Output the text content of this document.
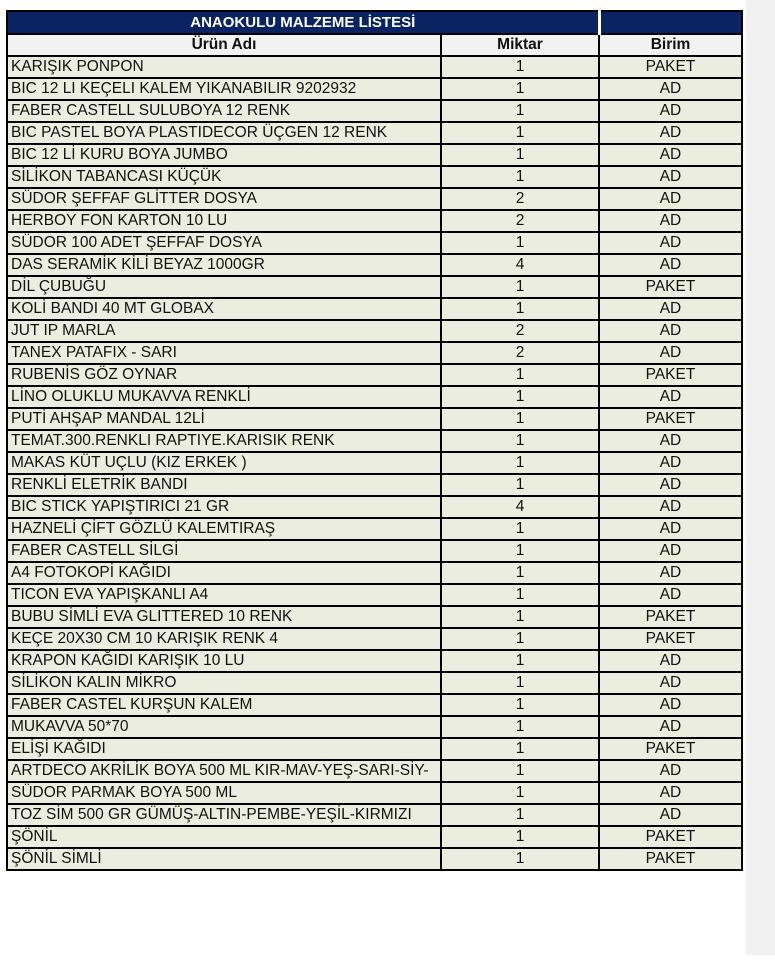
ANAOKULU MALZEME LİSTESİ		
Ürün Adı	Miktar	Birim
KARIŞIK PONPON	1	PAKET
BIC 12 LI KEÇELI KALEM YIKANABILIR 9202932	1	AD
FABER CASTELL SULUBOYA 12 RENK	1	AD
BIC PASTEL BOYA PLASTIDECOR ÜÇGEN 12 RENK	1	AD
BIC 12 Lİ KURU BOYA JUMBO	1	AD
SİLİKON TABANCASI KÜÇÜK	1	AD
SÜDOR ŞEFFAF GLİTTER DOSYA	2	AD
HERBOY FON KARTON 10 LU	2	AD
SÜDOR 100 ADET ŞEFFAF DOSYA	1	AD
DAS SERAMİK KİLİ BEYAZ 1000GR	4	AD
DİL ÇUBUĞU	1	PAKET
KOLİ BANDI 40 MT GLOBAX	1	AD
JUT IP MARLA	2	AD
TANEX PATAFIX - SARI	2	AD
RUBENİS GÖZ OYNAR	1	PAKET
LİNO OLUKLU MUKAVVA RENKLİ	1	AD
PUTİ AHŞAP MANDAL 12Lİ	1	PAKET
TEMAT.300.RENKLI RAPTIYE.KARISIK RENK	1	AD
MAKAS KÜT UÇLU (KIZ ERKEK )	1	AD
RENKLİ ELETRİK BANDI	1	AD
BIC STICK YAPIŞTIRICI 21 GR	4	AD
HAZNELİ ÇİFT GÖZLÜ KALEMTIRAŞ	1	AD
FABER CASTELL SİLGİ	1	AD
A4 FOTOKOPİ KAĞIDI	1	AD
TICON EVA YAPIŞKANLI A4	1	AD
BUBU SİMLİ EVA GLITTERED 10 RENK	1	PAKET
KEÇE 20X30 CM 10 KARIŞIK RENK 4	1	PAKET
KRAPON KAĞIDI KARIŞIK 10 LU	1	AD
SİLİKON KALIN MİKRO	1	AD
FABER CASTEL KURŞUN KALEM	1	AD
MUKAVVA 50*70	1	AD
ELİŞİ KAĞIDI	1	PAKET
ARTDECO AKRİLİK BOYA 500 ML KIR-MAV-YEŞ-SARI-SİY-	1	AD
SÜDOR PARMAK BOYA 500 ML	1	AD
TOZ SİM 500 GR GÜMÜŞ-ALTIN-PEMBE-YEŞİL-KIRMIZI	1	AD
ŞÖNİL	1	PAKET
ŞÖNİL SİMLİ	1	PAKET
